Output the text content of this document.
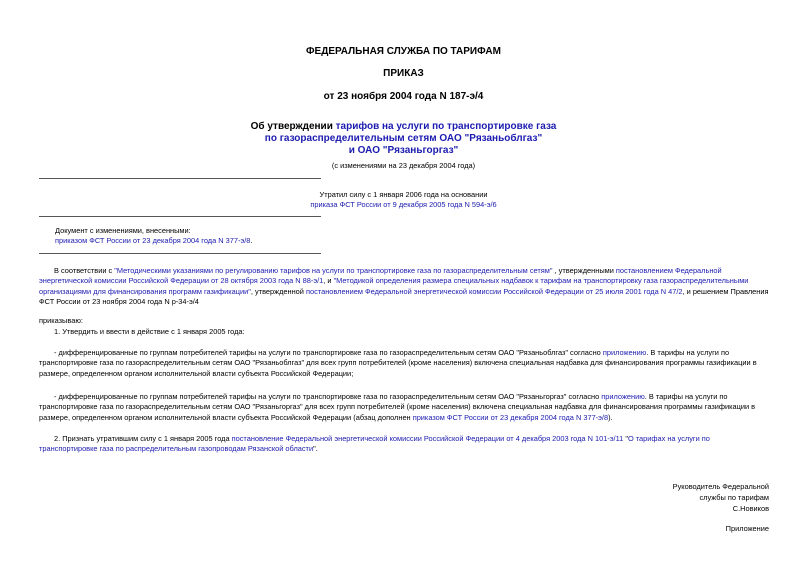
ФЕДЕРАЛЬНАЯ СЛУЖБА ПО ТАРИФАМ
ПРИКАЗ
от 23 ноября 2004 года N 187-э/4
Об утверждении тарифов на услуги по транспортировке газа
по газораспределительным сетям ОАО "Рязаньоблгаз"
и ОАО "Рязаньгоргаз"
(с изменениями на 23 декабря 2004 года)
Утратил силу с 1 января 2006 года на основании
приказа ФСТ России от 9 декабря 2005 года N 594-э/6
Документ с изменениями, внесенными:
приказом ФСТ России от 23 декабря 2004 года N 377-э/8.
В соответствии с "Методическими указаниями по регулированию тарифов на услуги по транспортировке газа по газораспределительным сетям" , утвержденными постановлением Федеральной энергетической комиссии Российской Федерации от 28 октября 2003 года N 88-э/1, и "Методикой определения размера специальных надбавок к тарифам на транспортировку газа газораспределительными организациями для финансирования программ газификации", утвержденной постановлением Федеральной энергетической комиссии Российской Федерации от 25 июля 2001 года N 47/2, и решением Правления ФСТ России от 23 ноября 2004 года N р-34-э/4
приказываю:
1. Утвердить и ввести в действие с 1 января 2005 года:
- дифференцированные по группам потребителей тарифы на услуги по транспортировке газа по газораспределительным сетям ОАО "Рязаньоблгаз" согласно приложению. В тарифы на услуги по транспортировке газа по газораспределительным сетям ОАО "Рязаньоблгаз" для всех групп потребителей (кроме населения) включена специальная надбавка для финансирования программы газификации в размере, определенном органом исполнительной власти субъекта Российской Федерации;
- дифференцированные по группам потребителей тарифы на услуги по транспортировке газа по газораспределительным сетям ОАО "Рязаньгоргаз" согласно приложению. В тарифы на услуги по транспортировке газа по газораспределительным сетям ОАО "Рязаньгоргаз" для всех групп потребителей (кроме населения) включена специальная надбавка для финансирования программы газификации в размере, определенном органом исполнительной власти субъекта Российской Федерации (абзац дополнен приказом ФСТ России от 23 декабря 2004 года N 377-э/8).
2. Признать утратившим силу с 1 января 2005 года постановление Федеральной энергетической комиссии Российской Федерации от 4 декабря 2003 года N 101-э/11 "О тарифах на услуги по транспортировке газа по распределительным газопроводам Рязанской области".
Руководитель Федеральной
службы по тарифам
С.Новиков
Приложение
